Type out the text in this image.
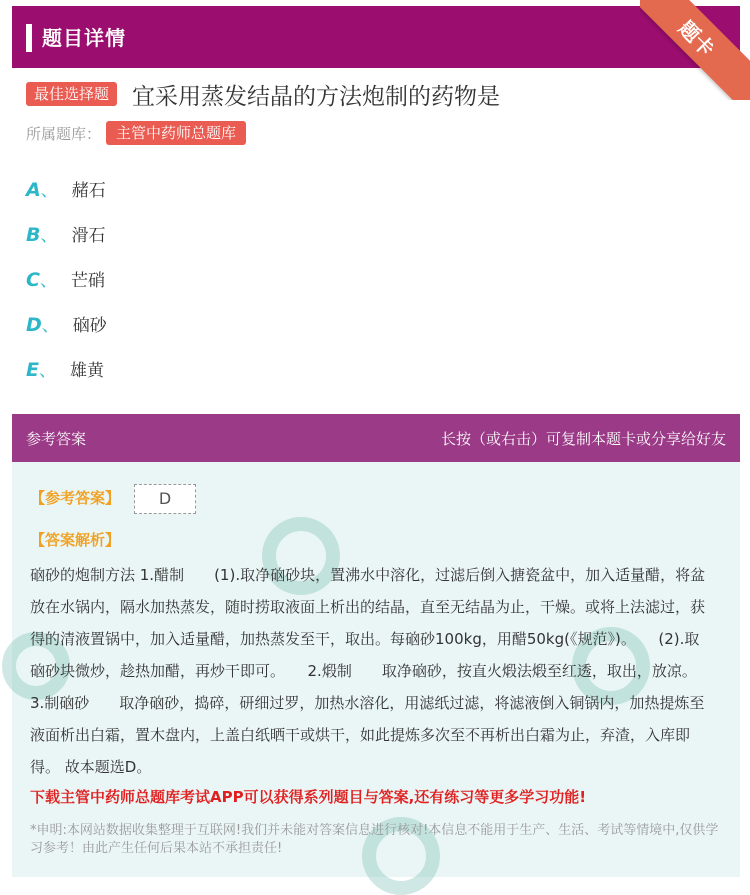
题目详情	题卡
最佳选择题 宜采用蒸发结晶的方法炮制的药物是
所属题库： 主管中药师总题库
A、 赭石
B、 滑石
C、 芒硝
D、 硇砂
E、 雄黄
参考答案	长按（或右击）可复制本题卡或分享给好友
【参考答案】	D
【答案解析】
硇砂的炮制方法 1.醋制　　(1).取净硇砂块，置沸水中溶化，过滤后倒入搪瓷盆中，加入适量醋，将盆放在水锅内，隔水加热蒸发，随时捞取液面上析出的结晶，直至无结晶为止，干燥。或将上法滤过，获得的清液置锅中，加入适量醋，加热蒸发至干，取出。每硇砂100kg，用醋50kg(《规范》)。　　(2).取硇砂块微炒，趁热加醋，再炒干即可。　　2.煅制　　取净硇砂，按直火煅法煅至红透，取出，放凉。　　3.制硇砂　　取净硇砂，捣碎，研细过罗，加热水溶化，用滤纸过滤，将滤液倒入铜锅内，加热提炼至液面析出白霜，置木盘内，上盖白纸晒干或烘干，如此提炼多次至不再析出白霜为止，弃渣，入库即得。 故本题选D。
下载主管中药师总题库考试APP可以获得系列题目与答案,还有练习等更多学习功能!
*申明:本网站数据收集整理于互联网!我们并未能对答案信息进行核对!本信息不能用于生产、生活、考试等情境中,仅供学习参考！由此产生任何后果本站不承担责任!
